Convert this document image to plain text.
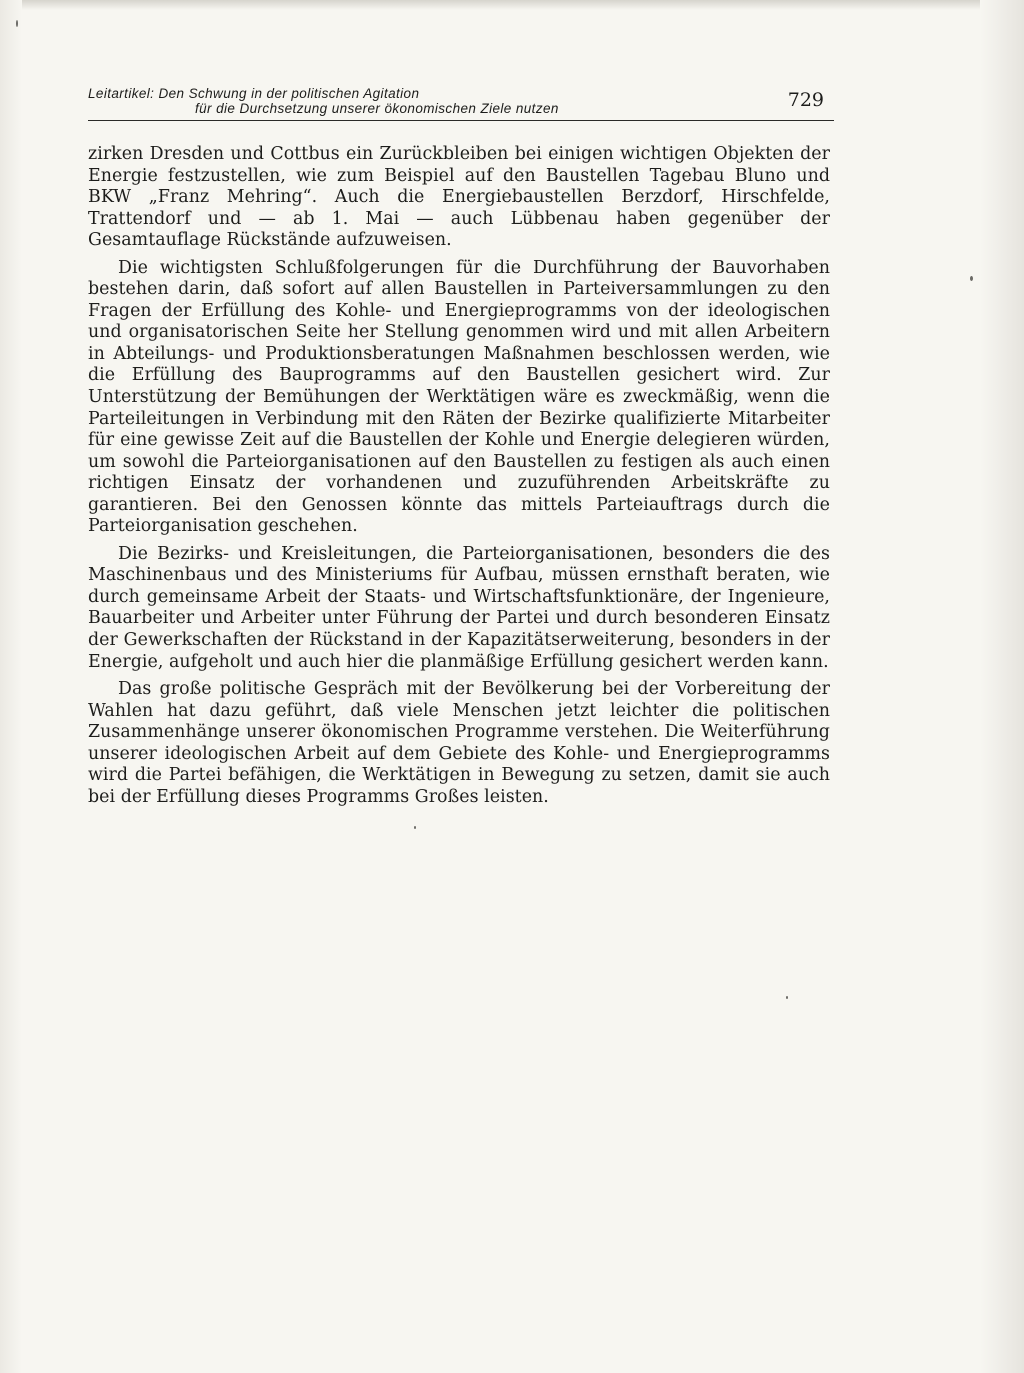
Leitartikel: Den Schwung in der politischen Agitation
für die Durchsetzung unserer ökonomischen Ziele nutzen	729

zirken Dresden und Cottbus ein Zurückbleiben bei einigen wichtigen Objekten der Energie festzustellen, wie zum Beispiel auf den Baustellen Tagebau Bluno und BKW „Franz Mehring“. Auch die Energiebaustellen Berzdorf, Hirschfelde, Trattendorf und — ab 1. Mai — auch Lübbenau haben gegenüber der Gesamtauflage Rückstände aufzuweisen.

Die wichtigsten Schlußfolgerungen für die Durchführung der Bauvorhaben bestehen darin, daß sofort auf allen Baustellen in Parteiversammlungen zu den Fragen der Erfüllung des Kohle- und Energieprogramms von der ideologischen und organisatorischen Seite her Stellung genommen wird und mit allen Arbeitern in Abteilungs- und Produktionsberatungen Maßnahmen beschlossen werden, wie die Erfüllung des Bauprogramms auf den Baustellen gesichert wird. Zur Unterstützung der Bemühungen der Werktätigen wäre es zweckmäßig, wenn die Parteileitungen in Verbindung mit den Räten der Bezirke qualifizierte Mitarbeiter für eine gewisse Zeit auf die Baustellen der Kohle und Energie delegieren würden, um sowohl die Parteiorganisationen auf den Baustellen zu festigen als auch einen richtigen Einsatz der vorhandenen und zuzuführenden Arbeitskräfte zu garantieren. Bei den Genossen könnte das mittels Parteiauftrags durch die Parteiorganisation geschehen.

Die Bezirks- und Kreisleitungen, die Parteiorganisationen, besonders die des Maschinenbaus und des Ministeriums für Aufbau, müssen ernsthaft beraten, wie durch gemeinsame Arbeit der Staats- und Wirtschaftsfunktionäre, der Ingenieure, Bauarbeiter und Arbeiter unter Führung der Partei und durch besonderen Einsatz der Gewerkschaften der Rückstand in der Kapazitätserweiterung, besonders in der Energie, aufgeholt und auch hier die planmäßige Erfüllung gesichert werden kann.

Das große politische Gespräch mit der Bevölkerung bei der Vorbereitung der Wahlen hat dazu geführt, daß viele Menschen jetzt leichter die politischen Zusammenhänge unserer ökonomischen Programme verstehen. Die Weiterführung unserer ideologischen Arbeit auf dem Gebiete des Kohle- und Energieprogramms wird die Partei befähigen, die Werktätigen in Bewegung zu setzen, damit sie auch bei der Erfüllung dieses Programms Großes leisten.
